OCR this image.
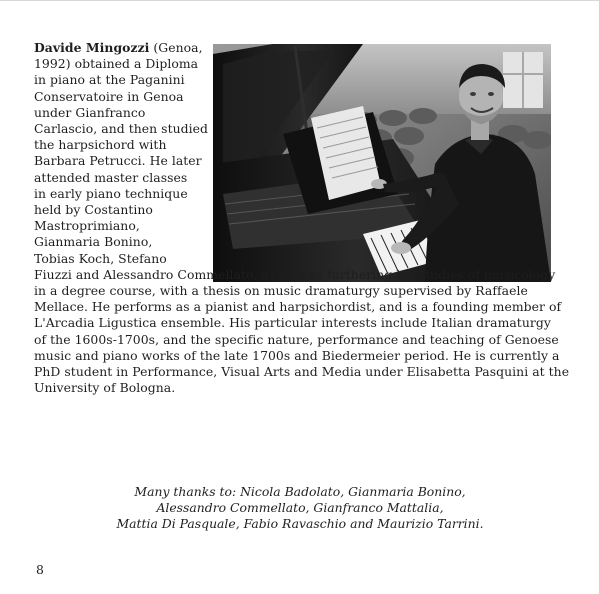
Davide Mingozzi (Genoa,
1992) obtained a Diploma
in piano at the Paganini
Conservatoire in Genoa
under Gianfranco
Carlascio, and then studied
the harpsichord with
Barbara Petrucci. He later
attended master classes
in early piano technique
held by Costantino
Mastroprimiano,
Gianmaria Bonino,
Tobias Koch, Stefano
Fiuzzi and Alessandro Commellato, as well as furthering his studies of musicology
in a degree course, with a thesis on music dramaturgy supervised by Raffaele
Mellace. He performs as a pianist and harpsichordist, and is a founding member of
L'Arcadia Ligustica ensemble. His particular interests include Italian dramaturgy
of the 1600s-1700s, and the specific nature, performance and teaching of Genoese
music and piano works of the late 1700s and Biedermeier period. He is currently a
PhD student in Performance, Visual Arts and Media under Elisabetta Pasquini at the
University of Bologna.
Many thanks to: Nicola Badolato, Gianmaria Bonino,
Alessandro Commellato, Gianfranco Mattalia,
Mattia Di Pasquale, Fabio Ravaschio and Maurizio Tarrini.
8
